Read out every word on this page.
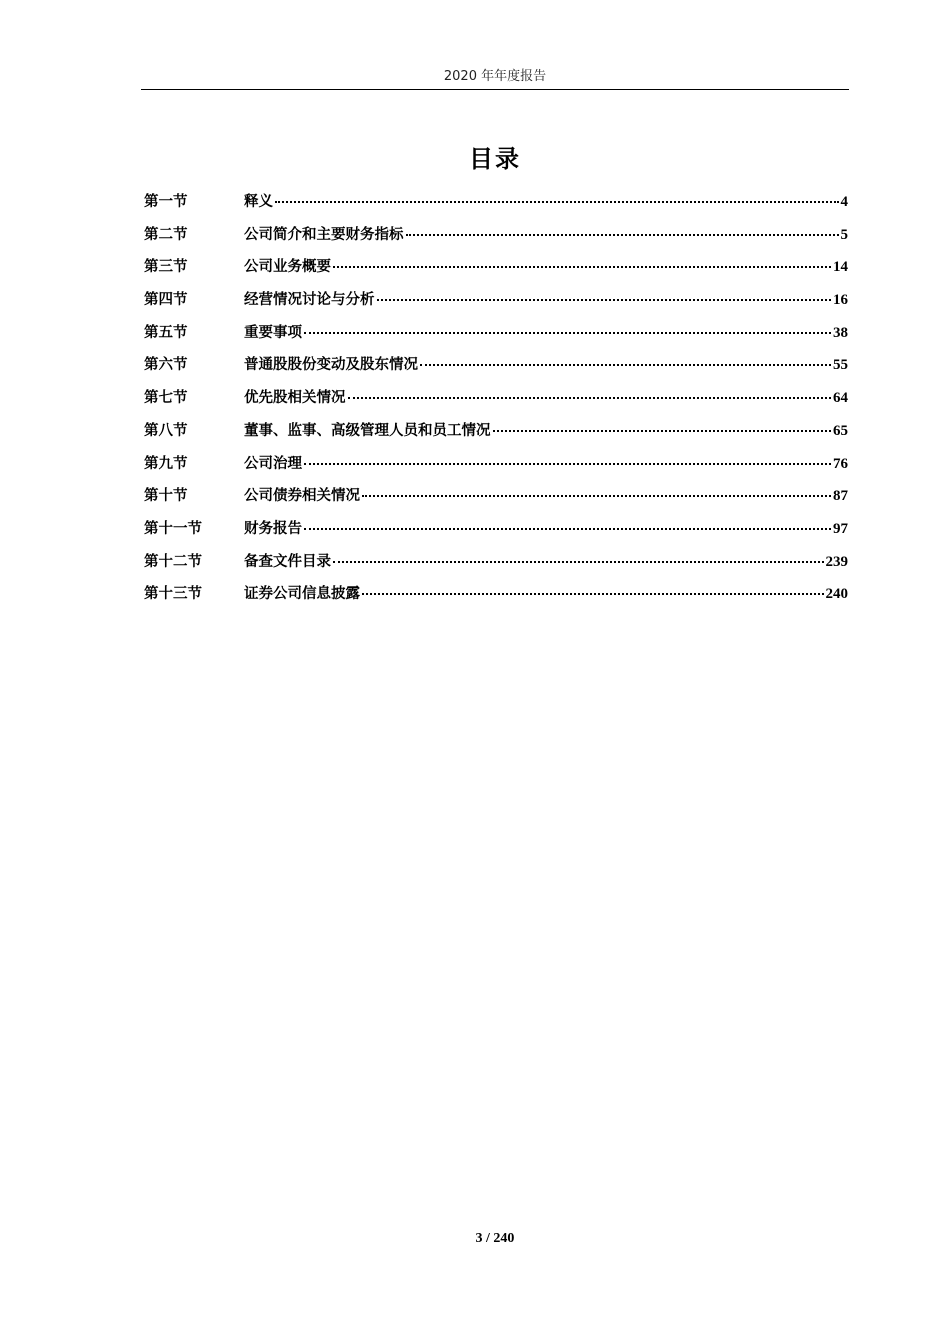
2020 年年度报告
目录
第一节	释义	4
第二节	公司简介和主要财务指标	5
第三节	公司业务概要	14
第四节	经营情况讨论与分析	16
第五节	重要事项	38
第六节	普通股股份变动及股东情况	55
第七节	优先股相关情况	64
第八节	董事、监事、高级管理人员和员工情况	65
第九节	公司治理	76
第十节	公司债券相关情况	87
第十一节	财务报告	97
第十二节	备查文件目录	239
第十三节	证券公司信息披露	240
3 / 240
